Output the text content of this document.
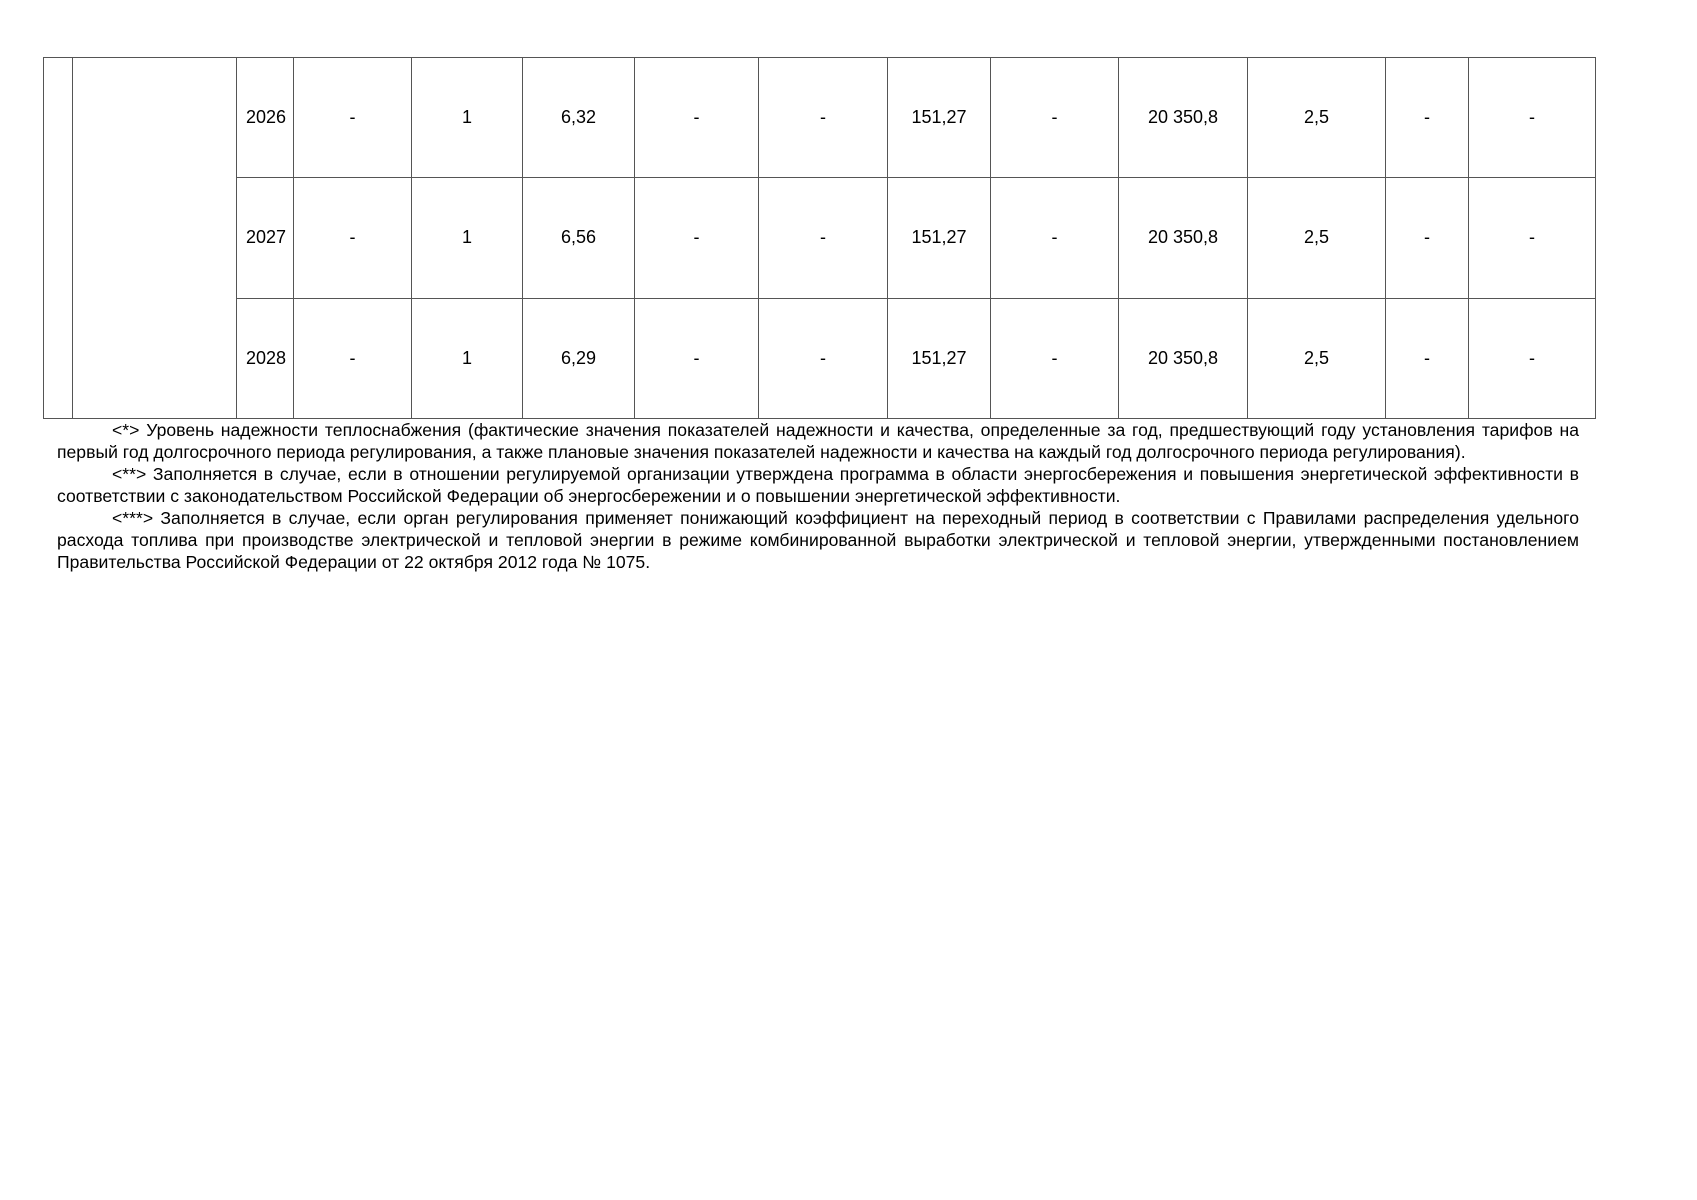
		2026	-	1	6,32	-	-	151,27	-	20 350,8	2,5	-	-
		2027	-	1	6,56	-	-	151,27	-	20 350,8	2,5	-	-
		2028	-	1	6,29	-	-	151,27	-	20 350,8	2,5	-	-

<*> Уровень надежности теплоснабжения (фактические значения показателей надежности и качества, определенные за год, предшествующий году установления тарифов на первый год долгосрочного периода регулирования, а также плановые значения показателей надежности и качества на каждый год долгосрочного периода регулирования).

<**> Заполняется в случае, если в отношении регулируемой организации утверждена программа в области энергосбережения и повышения энергетической эффективности в соответствии с законодательством Российской Федерации об энергосбережении и о повышении энергетической эффективности.

<***> Заполняется в случае, если орган регулирования применяет понижающий коэффициент на переходный период в соответствии с Правилами распределения удельного расхода топлива при производстве электрической и тепловой энергии в режиме комбинированной выработки электрической и тепловой энергии, утвержденными постановлением Правительства Российской Федерации от 22 октября 2012 года № 1075.
